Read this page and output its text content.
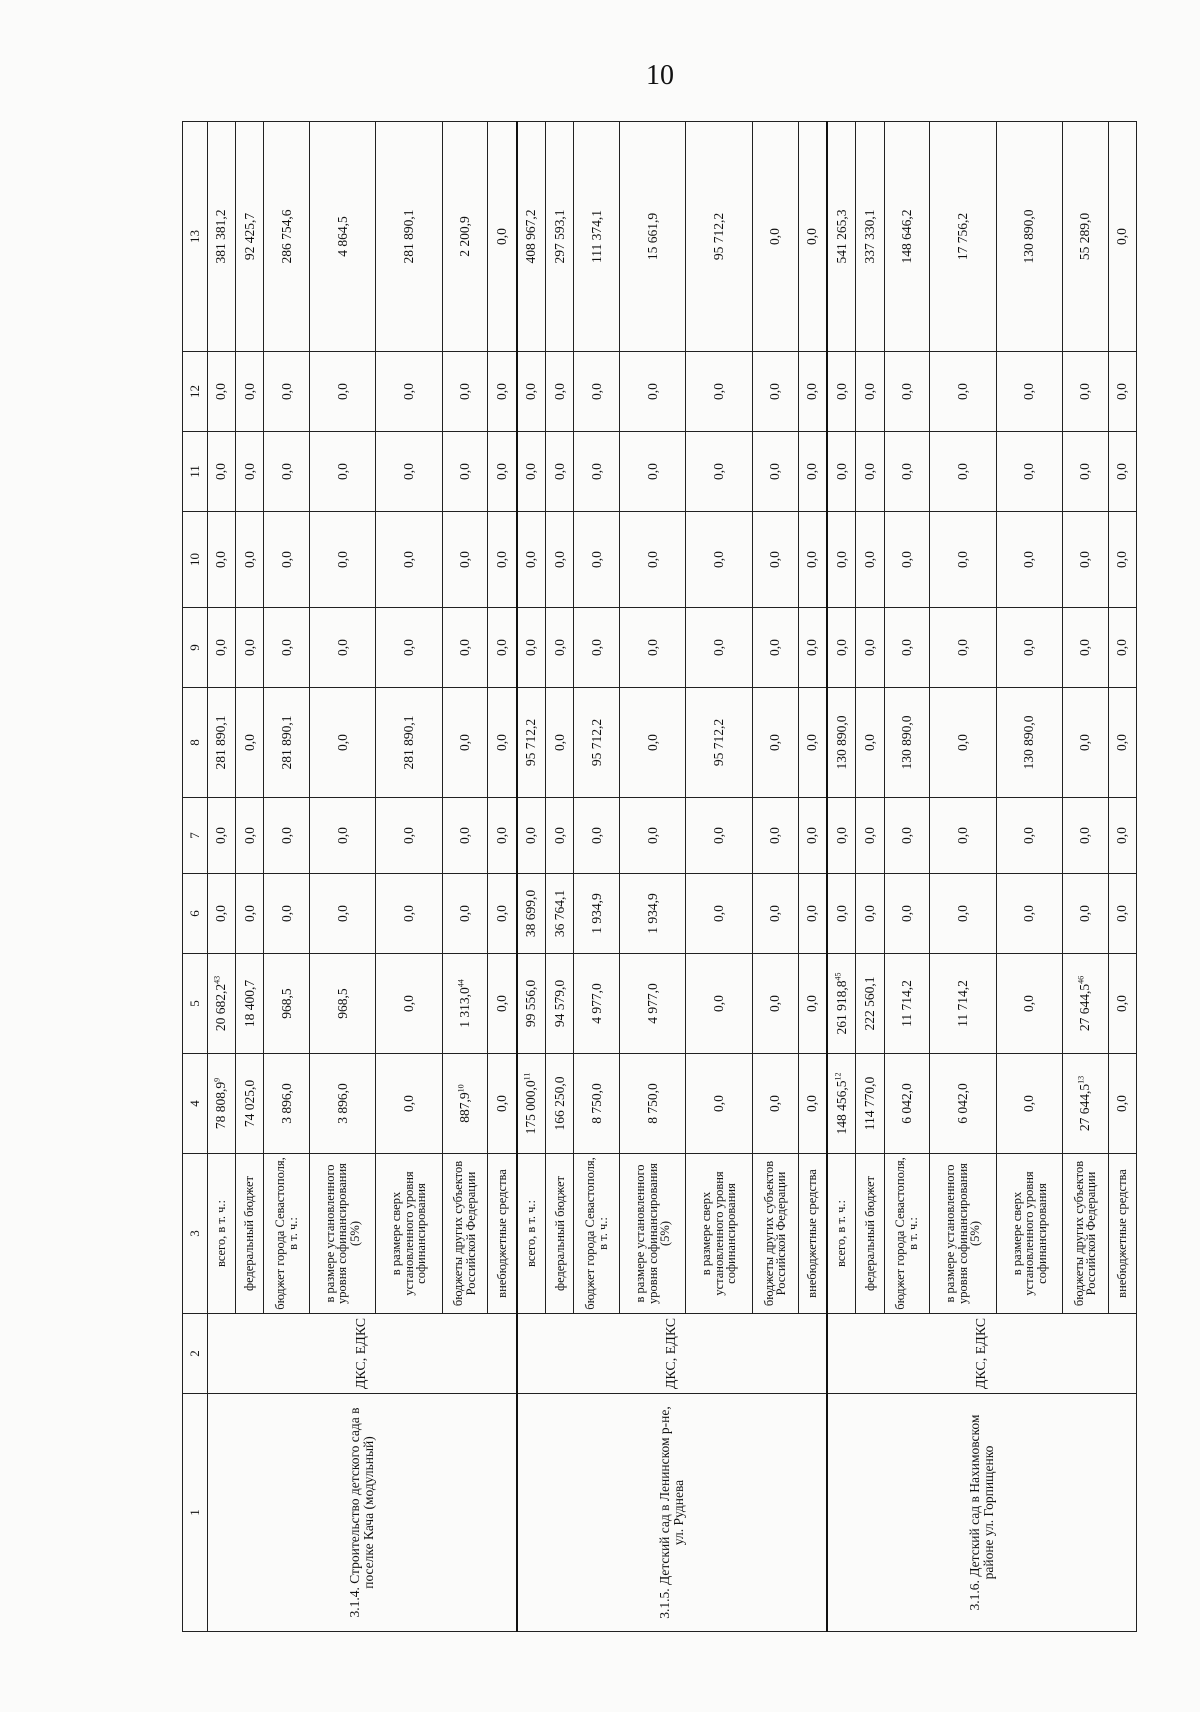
10
1	2	3	4	5	6	7	8	9	10	11	12	13
3.1.4. Строительство детского сада в поселке Кача (модульный)	ДКС, ЕДКС	всего, в т. ч.:	78 808,9$^9$	20 682,2$^{43}$	0,0	0,0	281 890,1	0,0	0,0	0,0	0,0	381 381,2
		федеральный бюджет	74 025,0	18 400,7	0,0	0,0	0,0	0,0	0,0	0,0	0,0	92 425,7
		бюджет города Севастополя, в т. ч.:	3 896,0	968,5	0,0	0,0	281 890,1	0,0	0,0	0,0	0,0	286 754,6
		в размере установленного уровня софинансирования (5%)	3 896,0	968,5	0,0	0,0	0,0	0,0	0,0	0,0	0,0	4 864,5
		в размере сверх установленного уровня софинансирования	0,0	0,0	0,0	0,0	281 890,1	0,0	0,0	0,0	0,0	281 890,1
		бюджеты других субъектов Российской Федерации	887,9$^{10}$	1 313,0$^{44}$	0,0	0,0	0,0	0,0	0,0	0,0	0,0	2 200,9
		внебюджетные средства	0,0	0,0	0,0	0,0	0,0	0,0	0,0	0,0	0,0	0,0
3.1.5. Детский сад в Ленинском р-не, ул. Руднева	ДКС, ЕДКС	всего, в т. ч.:	175 000,0$^{11}$	99 556,0	38 699,0	0,0	95 712,2	0,0	0,0	0,0	0,0	408 967,2
		федеральный бюджет	166 250,0	94 579,0	36 764,1	0,0	0,0	0,0	0,0	0,0	0,0	297 593,1
		бюджет города Севастополя, в т. ч.:	8 750,0	4 977,0	1 934,9	0,0	95 712,2	0,0	0,0	0,0	0,0	111 374,1
		в размере установленного уровня софинансирования (5%)	8 750,0	4 977,0	1 934,9	0,0	0,0	0,0	0,0	0,0	0,0	15 661,9
		в размере сверх установленного уровня софинансирования	0,0	0,0	0,0	0,0	95 712,2	0,0	0,0	0,0	0,0	95 712,2
		бюджеты других субъектов Российской Федерации	0,0	0,0	0,0	0,0	0,0	0,0	0,0	0,0	0,0	0,0
		внебюджетные средства	0,0	0,0	0,0	0,0	0,0	0,0	0,0	0,0	0,0	0,0
3.1.6. Детский сад в Нахимовском районе ул. Горпищенко	ДКС, ЕДКС	всего, в т. ч.:	148 456,5$^{12}$	261 918,8$^{45}$	0,0	0,0	130 890,0	0,0	0,0	0,0	0,0	541 265,3
		федеральный бюджет	114 770,0	222 560,1	0,0	0,0	0,0	0,0	0,0	0,0	0,0	337 330,1
		бюджет города Севастополя, в т. ч.:	6 042,0	11 714,2	0,0	0,0	130 890,0	0,0	0,0	0,0	0,0	148 646,2
		в размере установленного уровня софинансирования (5%)	6 042,0	11 714,2	0,0	0,0	0,0	0,0	0,0	0,0	0,0	17 756,2
		в размере сверх установленного уровня софинансирования	0,0	0,0	0,0	0,0	130 890,0	0,0	0,0	0,0	0,0	130 890,0
		бюджеты других субъектов Российской Федерации	27 644,5$^{13}$	27 644,5$^{46}$	0,0	0,0	0,0	0,0	0,0	0,0	0,0	55 289,0
		внебюджетные средства	0,0	0,0	0,0	0,0	0,0	0,0	0,0	0,0	0,0	0,0
